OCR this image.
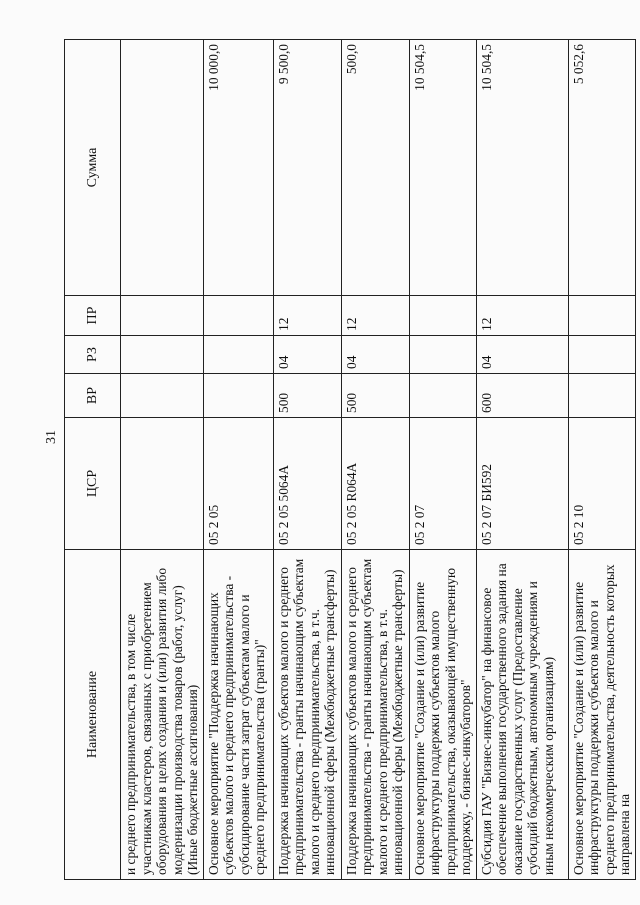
31
Наименование	ЦСР	ВР	РЗ	ПР	Сумма
и среднего предпринимательства, в том числе участникам кластеров, связанных с приобретением оборудования в целях создания и (или) развития либо модернизации производства товаров (работ, услуг) (Иные бюджетные ассигнования)					
Основное мероприятие "Поддержка начинающих субъектов малого и среднего предпринимательства - субсидирование части затрат субъектам малого и среднего предпринимательства (гранты)"	05 2 05				10 000,0
Поддержка начинающих субъектов малого и среднего предпринимательства - гранты начинающим субъектам малого и среднего предпринимательства, в т.ч. инновационной сферы (Межбюджетные трансферты)	05 2 05 5064А	500	04	12	9 500,0
Поддержка начинающих субъектов малого и среднего предпринимательства - гранты начинающим субъектам малого и среднего предпринимательства, в т.ч. инновационной сферы (Межбюджетные трансферты)	05 2 05 R064А	500	04	12	500,0
Основное мероприятие "Создание и (или) развитие инфраструктуры поддержки субъектов малого предпринимательства, оказывающей имущественную поддержку, - бизнес-инкубаторов"	05 2 07				10 504,5
Субсидия ГАУ "Бизнес-инкубатор" на финансовое обеспечение выполнения государственного задания на оказание государственных услуг (Предоставление субсидий бюджетным, автономным учреждениям и иным некоммерческим организациям)	05 2 07 БИ592	600	04	12	10 504,5
Основное мероприятие "Создание и (или) развитие инфраструктуры поддержки субъектов малого и среднего предпринимательства, деятельность которых направлена на	05 2 10				5 052,6
